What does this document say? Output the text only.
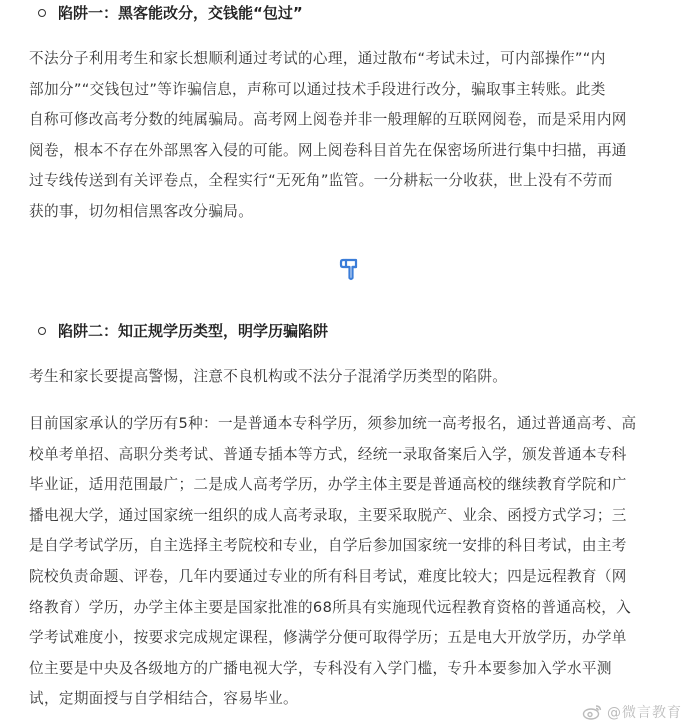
陷阱一：黑客能改分，交钱能“包过”
不法分子利用考生和家长想顺利通过考试的心理，通过散布“考试未过，可内部操作”“内
部加分”“交钱包过”等诈骗信息，声称可以通过技术手段进行改分，骗取事主转账。此类
自称可修改高考分数的纯属骗局。高考网上阅卷并非一般理解的互联网阅卷，而是采用内网
阅卷，根本不存在外部黑客入侵的可能。网上阅卷科目首先在保密场所进行集中扫描，再通
过专线传送到有关评卷点，全程实行“无死角”监管。一分耕耘一分收获，世上没有不劳而
获的事，切勿相信黑客改分骗局。
陷阱二：知正规学历类型，明学历骗陷阱
考生和家长要提高警惕，注意不良机构或不法分子混淆学历类型的陷阱。
目前国家承认的学历有5种：一是普通本专科学历，须参加统一高考报名，通过普通高考、高
校单考单招、高职分类考试、普通专插本等方式，经统一录取备案后入学，颁发普通本专科
毕业证，适用范围最广；二是成人高考学历，办学主体主要是普通高校的继续教育学院和广
播电视大学，通过国家统一组织的成人高考录取，主要采取脱产、业余、函授方式学习；三
是自学考试学历，自主选择主考院校和专业，自学后参加国家统一安排的科目考试，由主考
院校负责命题、评卷，几年内要通过专业的所有科目考试，难度比较大；四是远程教育（网
络教育）学历，办学主体主要是国家批准的68所具有实施现代远程教育资格的普通高校，入
学考试难度小，按要求完成规定课程，修满学分便可取得学历；五是电大开放学历，办学单
位主要是中央及各级地方的广播电视大学，专科没有入学门槛，专升本要参加入学水平测
试，定期面授与自学相结合，容易毕业。
@微言教育
